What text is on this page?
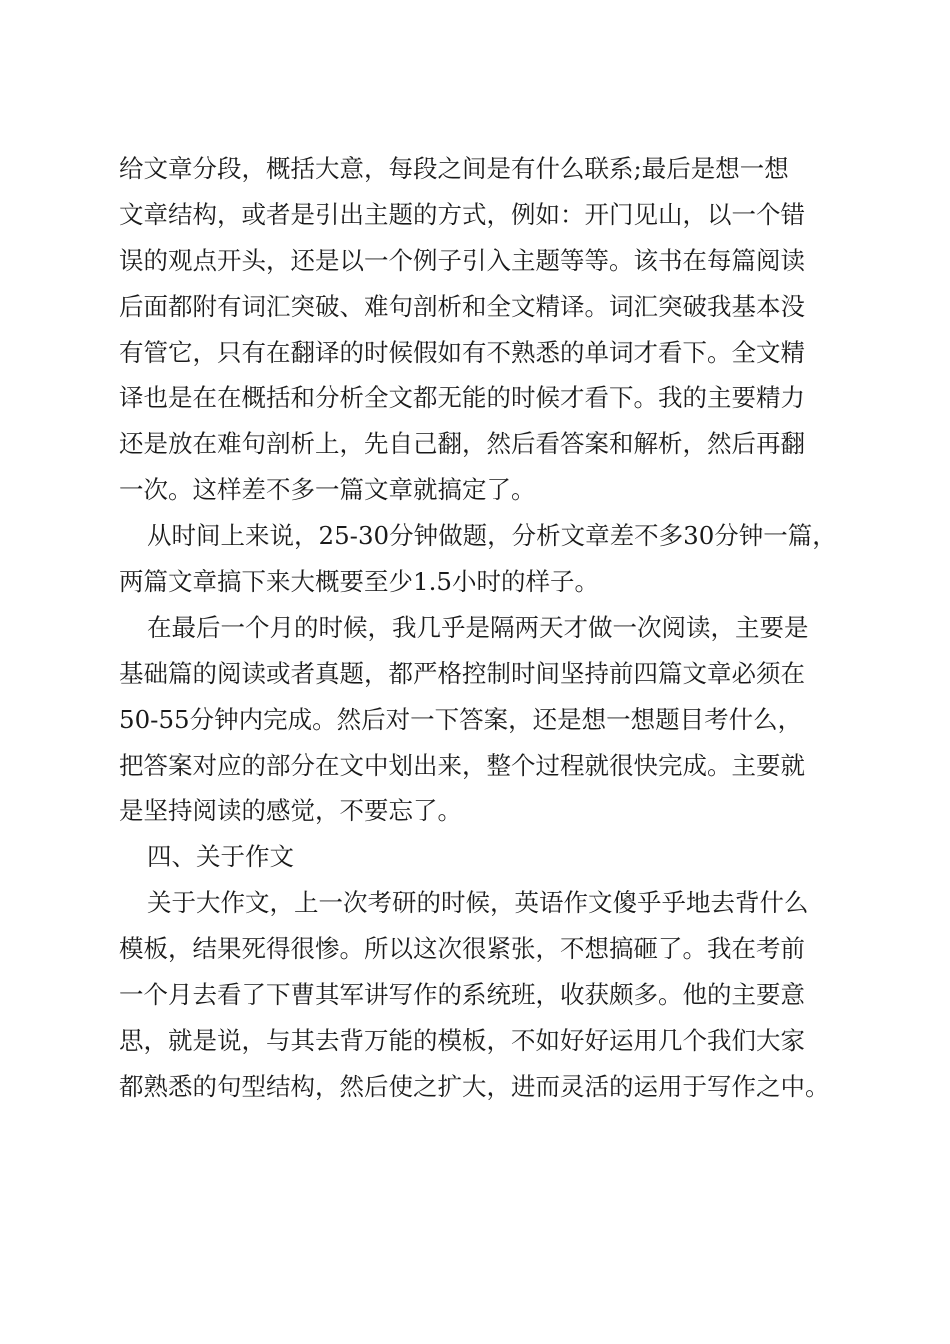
给文章分段，概括大意，每段之间是有什么联系;最后是想一想
文章结构，或者是引出主题的方式，例如：开门见山，以一个错
误的观点开头，还是以一个例子引入主题等等。该书在每篇阅读
后面都附有词汇突破、难句剖析和全文精译。词汇突破我基本没
有管它，只有在翻译的时候假如有不熟悉的单词才看下。全文精
译也是在在概括和分析全文都无能的时候才看下。我的主要精力
还是放在难句剖析上，先自己翻，然后看答案和解析，然后再翻
一次。这样差不多一篇文章就搞定了。
从时间上来说，25-30分钟做题，分析文章差不多30分钟一篇，
两篇文章搞下来大概要至少1.5小时的样子。
在最后一个月的时候，我几乎是隔两天才做一次阅读，主要是
基础篇的阅读或者真题，都严格控制时间坚持前四篇文章必须在
50-55分钟内完成。然后对一下答案，还是想一想题目考什么，
把答案对应的部分在文中划出来，整个过程就很快完成。主要就
是坚持阅读的感觉，不要忘了。
四、关于作文
关于大作文，上一次考研的时候，英语作文傻乎乎地去背什么
模板，结果死得很惨。所以这次很紧张，不想搞砸了。我在考前
一个月去看了下曹其军讲写作的系统班，收获颇多。他的主要意
思，就是说，与其去背万能的模板，不如好好运用几个我们大家
都熟悉的句型结构，然后使之扩大，进而灵活的运用于写作之中。
